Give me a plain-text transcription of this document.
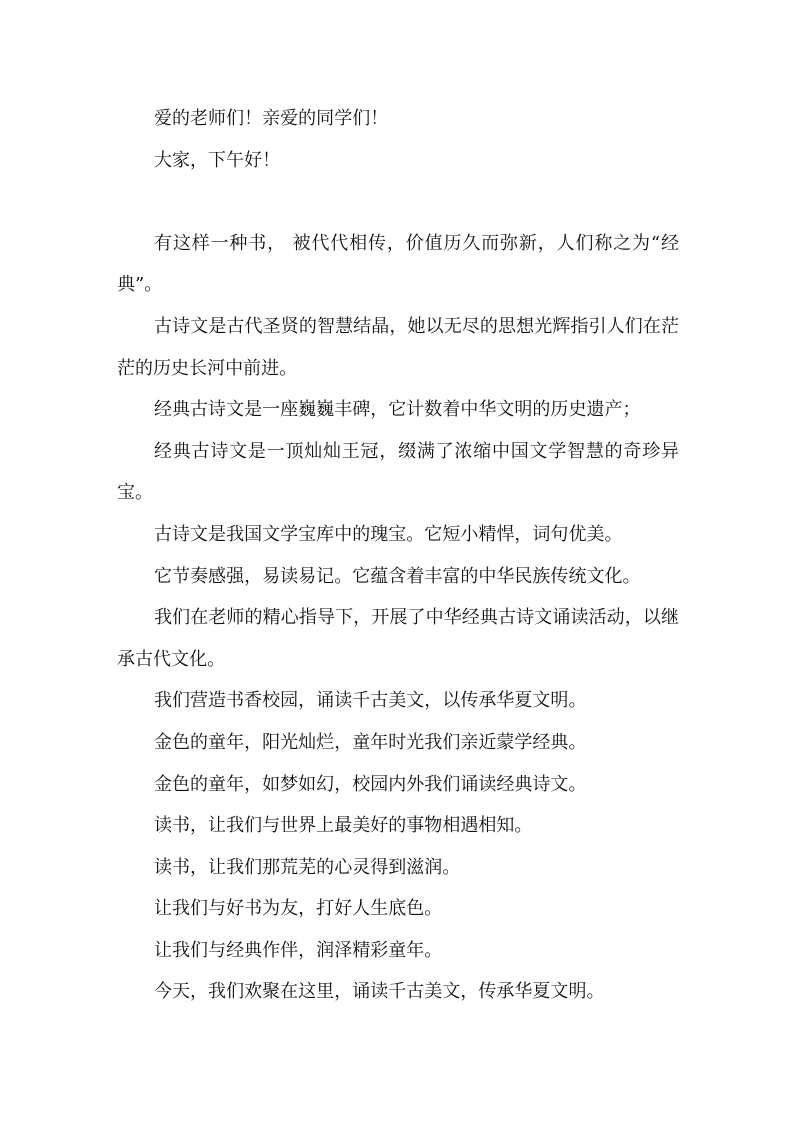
爱的老师们！亲爱的同学们！

大家，下午好！

有这样一种书， 被代代相传，价值历久而弥新，人们称之为“经典”。

古诗文是古代圣贤的智慧结晶，她以无尽的思想光辉指引人们在茫茫的历史长河中前进。

经典古诗文是一座巍巍丰碑，它计数着中华文明的历史遗产；

经典古诗文是一顶灿灿王冠，缀满了浓缩中国文学智慧的奇珍异宝。

古诗文是我国文学宝库中的瑰宝。它短小精悍，词句优美。

它节奏感强，易读易记。它蕴含着丰富的中华民族传统文化。

我们在老师的精心指导下，开展了中华经典古诗文诵读活动，以继承古代文化。

我们营造书香校园，诵读千古美文，以传承华夏文明。

金色的童年，阳光灿烂，童年时光我们亲近蒙学经典。

金色的童年，如梦如幻，校园内外我们诵读经典诗文。

读书，让我们与世界上最美好的事物相遇相知。

读书，让我们那荒芜的心灵得到滋润。

让我们与好书为友，打好人生底色。

让我们与经典作伴，润泽精彩童年。

今天，我们欢聚在这里，诵读千古美文，传承华夏文明。
